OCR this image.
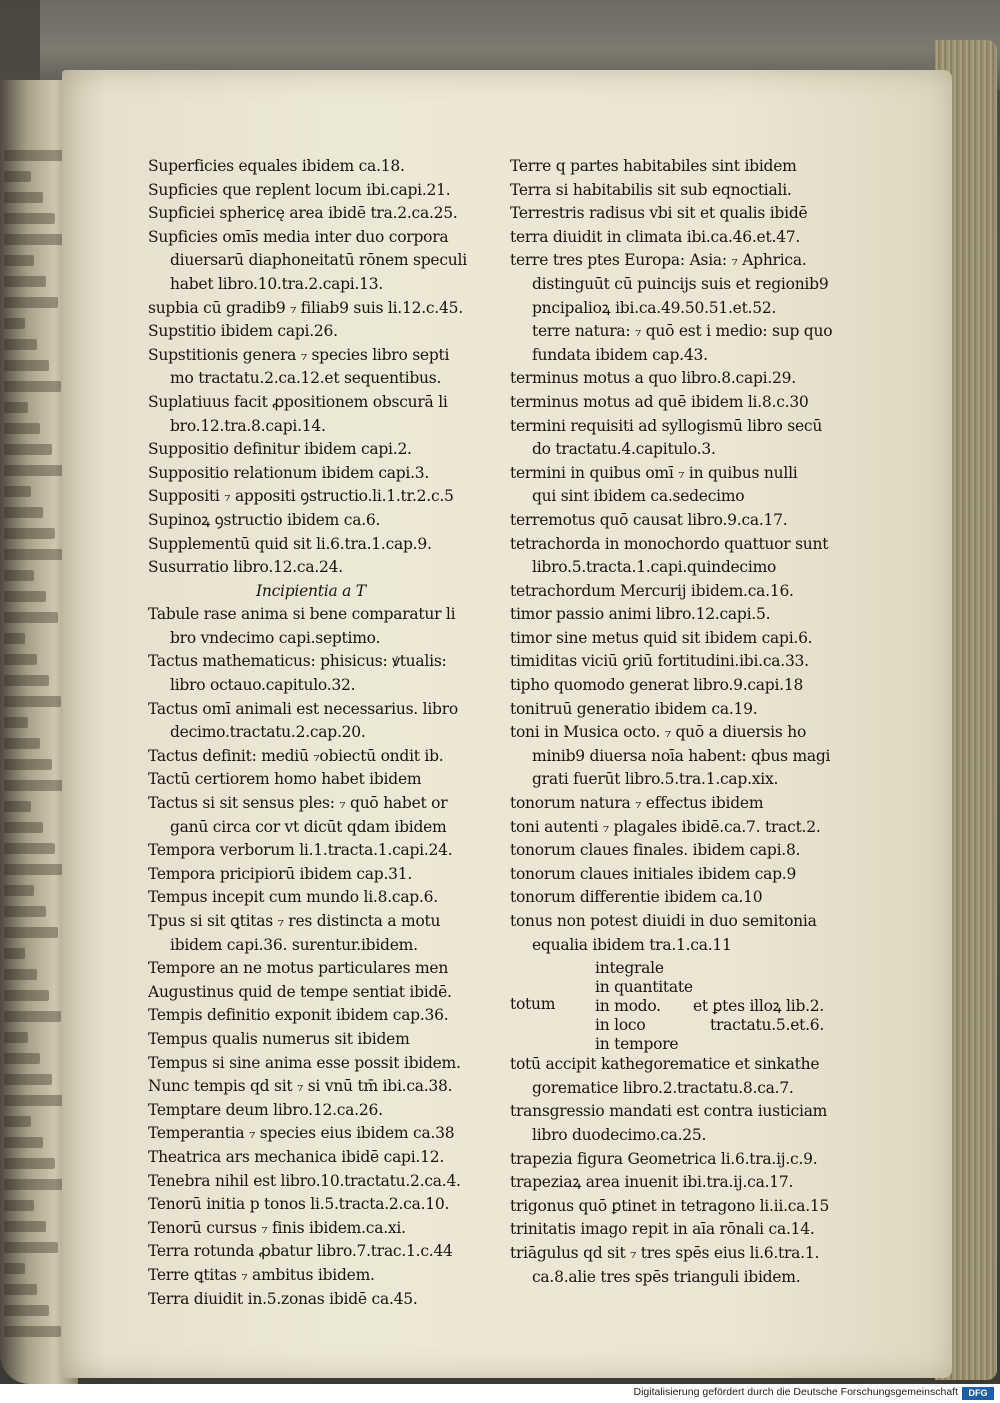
Superficies equales ibidem ca.18.
Supficies que replent locum ibi.capi.21.
Supficiei sphericę area ibidē tra.2.ca.25.
Supficies omīs media inter duo corpora
diuersarū diaphoneitatū rōnem speculi
habet libro.10.tra.2.capi.13.
supbia cū gradib9 ₇ filiab9 suis li.12.c.45.
Supstitio ibidem capi.26.
Supstitionis genera ₇ species libro septi
mo tractatu.2.ca.12.et sequentibus.
Suplatiuus facit ꝓpositionem obscurā li
bro.12.tra.8.capi.14.
Suppositio definitur ibidem capi.2.
Suppositio relationum ibidem capi.3.
Suppositi ₇ appositi ꝯstructio.li.1.tr.2.c.5
Supinoꝝ ꝯstructio ibidem ca.6.
Supplementū quid sit li.6.tra.1.cap.9.
Susurratio libro.12.ca.24.
Incipientia a T
Tabule rase anima si bene comparatur li
bro vndecimo capi.septimo.
Tactus mathematicus: phisicus: ꝟtualis:
libro octauo.capitulo.32.
Tactus omī animali est necessarius. libro
decimo.tractatu.2.cap.20.
Tactus definit: mediū ₇obiectū ondit ib.
Tactū certiorem homo habet ibidem
Tactus si sit sensus ples: ₇ quō habet or
ganū circa cor vt dicūt qdam ibidem
Tempora verborum li.1.tracta.1.capi.24.
Tempora pricipiorū ibidem cap.31.
Tempus incepit cum mundo li.8.cap.6.
Tpus si sit ꝗtitas ₇ res distincta a motu
ibidem capi.36. surentur.ibidem.
Tempore an ne motus particulares men
Augustinus quid de tempe sentiat ibidē.
Tempis definitio exponit ibidem cap.36.
Tempus qualis numerus sit ibidem
Tempus si sine anima esse possit ibidem.
Nunc tempis qd sit ₇ si vnū tm̄ ibi.ca.38.
Temptare deum libro.12.ca.26.
Temperantia ₇ species eius ibidem ca.38
Theatrica ars mechanica ibidē capi.12.
Tenebra nihil est libro.10.tractatu.2.ca.4.
Tenorū initia p tonos li.5.tracta.2.ca.10.
Tenorū cursus ₇ finis ibidem.ca.xi.
Terra rotunda ꝓbatur libro.7.trac.1.c.44
Terre ꝗtitas ₇ ambitus ibidem.
Terra diuidit in.5.zonas ibidē ca.45.
Terre q partes habitabiles sint ibidem
Terra si habitabilis sit sub eqnoctiali.
Terrestris radisus vbi sit et qualis ibidē
terra diuidit in climata ibi.ca.46.et.47.
terre tres ptes Europa: Asia: ₇ Aphrica.
distinguūt cū puincijs suis et regionib9
pncipalioꝝ ibi.ca.49.50.51.et.52.
terre natura: ₇ quō est i medio: sup quo
fundata ibidem cap.43.
terminus motus a quo libro.8.capi.29.
terminus motus ad quē ibidem li.8.c.30
termini requisiti ad syllogismū libro secū
do tractatu.4.capitulo.3.
termini in quibus omī ₇ in quibus nulli
qui sint ibidem ca.sedecimo
terremotus quō causat libro.9.ca.17.
tetrachorda in monochordo quattuor sunt
libro.5.tracta.1.capi.quindecimo
tetrachordum Mercurij ibidem.ca.16.
timor passio animi libro.12.capi.5.
timor sine metus quid sit ibidem capi.6.
timiditas viciū ꝯriū fortitudini.ibi.ca.33.
tipho quomodo generat libro.9.capi.18
tonitruū generatio ibidem ca.19.
toni in Musica octo. ₇ quō a diuersis ho
minib9 diuersa noīa habent: qbus magi
grati fuerūt libro.5.tra.1.cap.xix.
tonorum natura ₇ effectus ibidem
toni autenti ₇ plagales ibidē.ca.7. tract.2.
tonorum claues finales. ibidem capi.8.
tonorum claues initiales ibidem cap.9
tonorum differentie ibidem ca.10
tonus non potest diuidi in duo semitonia
equalia ibidem tra.1.ca.11
totum
integrale
in quantitate
in modo.
in loco
in tempore
et ꝑtes illoꝝ lib.2.
tractatu.5.et.6.
totū accipit kathegorematice et sinkathe
gorematice libro.2.tractatu.8.ca.7.
transgressio mandati est contra iusticiam
libro duodecimo.ca.25.
trapezia figura Geometrica li.6.tra.ij.c.9.
trapeziaꝝ area inuenit ibi.tra.ij.ca.17.
trigonus quō ꝑtinet in tetragono li.ii.ca.15
trinitatis imago repit in aīa rōnali ca.14.
triāgulus qd sit ₇ tres spēs eius li.6.tra.1.
ca.8.alie tres spēs trianguli ibidem.
Digitalisierung gefördert durch die Deutsche Forschungsgemeinschaft	DFG
